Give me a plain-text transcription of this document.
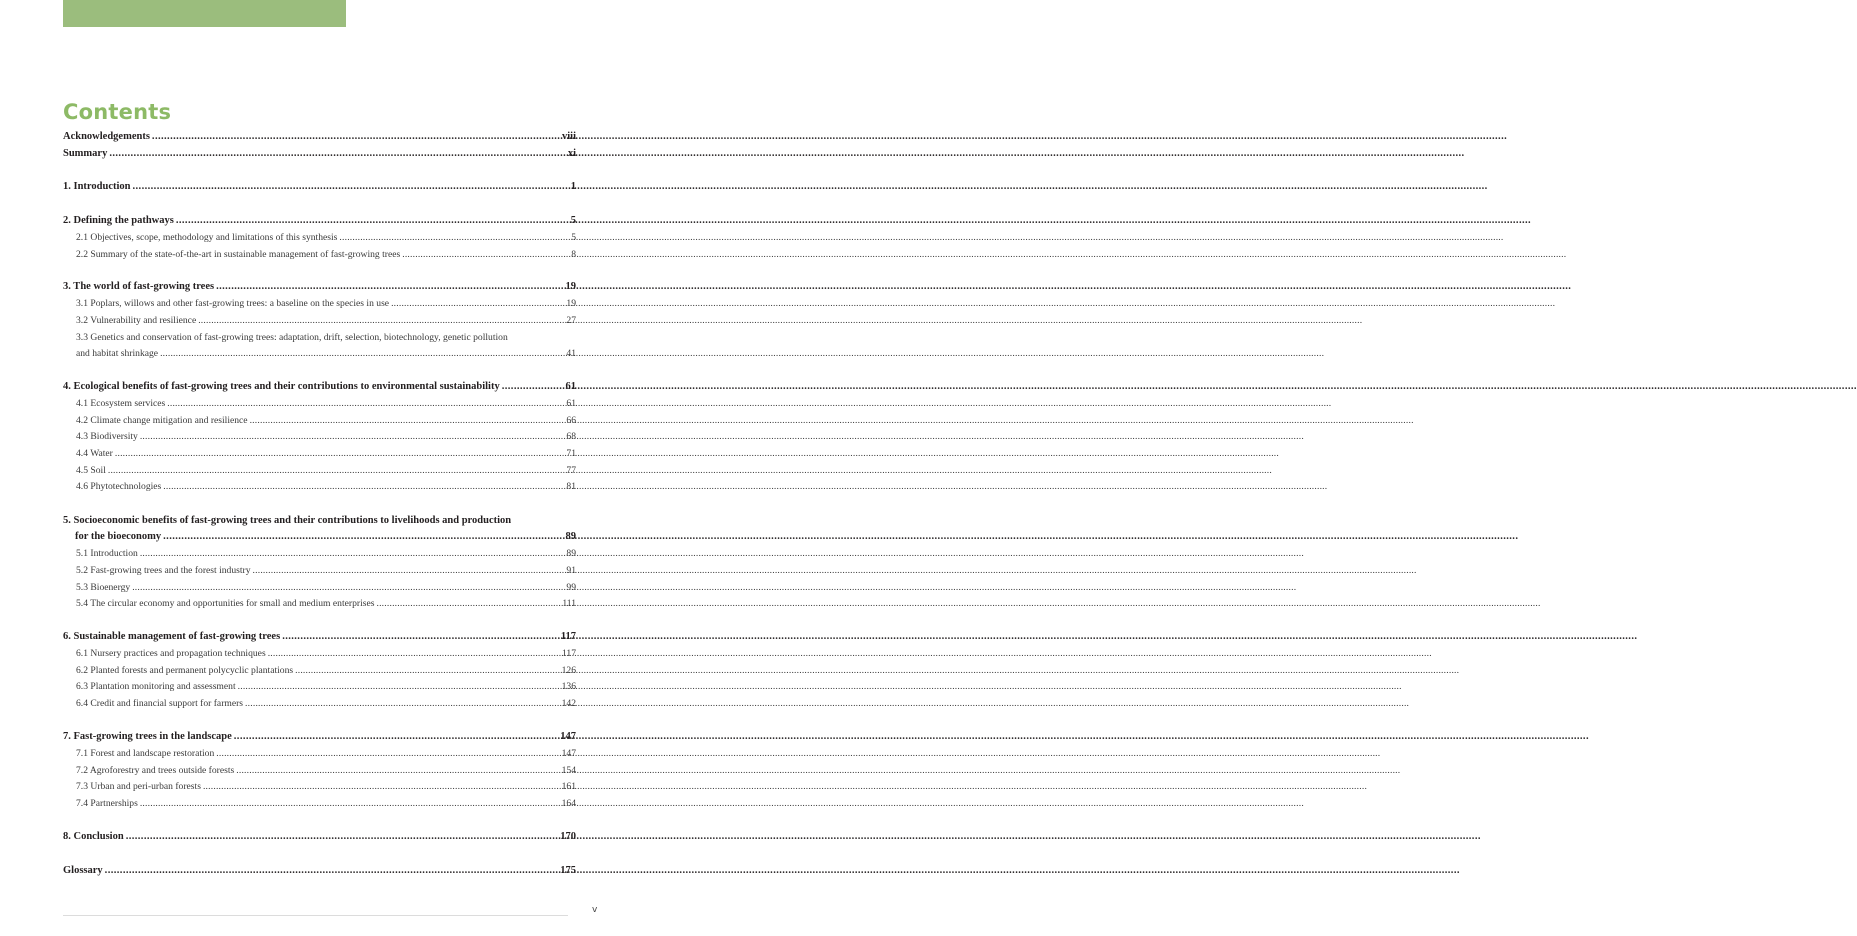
Contents
Acknowledgements .....	viii
Summary .....	xi
1. Introduction .....	1
2. Defining the pathways .....	5
2.1 Objectives, scope, methodology and limitations of this synthesis .....	5
2.2 Summary of the state-of-the-art in sustainable management of fast-growing trees .....	8
3. The world of fast-growing trees .....	19
3.1 Poplars, willows and other fast-growing trees: a baseline on the species in use .....	19
3.2 Vulnerability and resilience .....	27
3.3 Genetics and conservation of fast-growing trees: adaptation, drift, selection, biotechnology, genetic pollution
and habitat shrinkage .....	41
4. Ecological benefits of fast-growing trees and their contributions to environmental sustainability .....	61
4.1 Ecosystem services .....	61
4.2 Climate change mitigation and resilience .....	66
4.3 Biodiversity .....	68
4.4 Water .....	71
4.5 Soil .....	77
4.6 Phytotechnologies .....	81
5. Socioeconomic benefits of fast-growing trees and their contributions to livelihoods and production
for the bioeconomy .....	89
5.1 Introduction .....	89
5.2 Fast-growing trees and the forest industry .....	91
5.3 Bioenergy .....	99
5.4 The circular economy and opportunities for small and medium enterprises .....	111
6. Sustainable management of fast-growing trees .....	117
6.1 Nursery practices and propagation techniques .....	117
6.2 Planted forests and permanent polycyclic plantations .....	126
6.3 Plantation monitoring and assessment .....	136
6.4 Credit and financial support for farmers .....	142
7. Fast-growing trees in the landscape .....	147
7.1 Forest and landscape restoration .....	147
7.2 Agroforestry and trees outside forests .....	154
7.3 Urban and peri-urban forests .....	161
7.4 Partnerships .....	164
8. Conclusion .....	170
Glossary .....	175
v
